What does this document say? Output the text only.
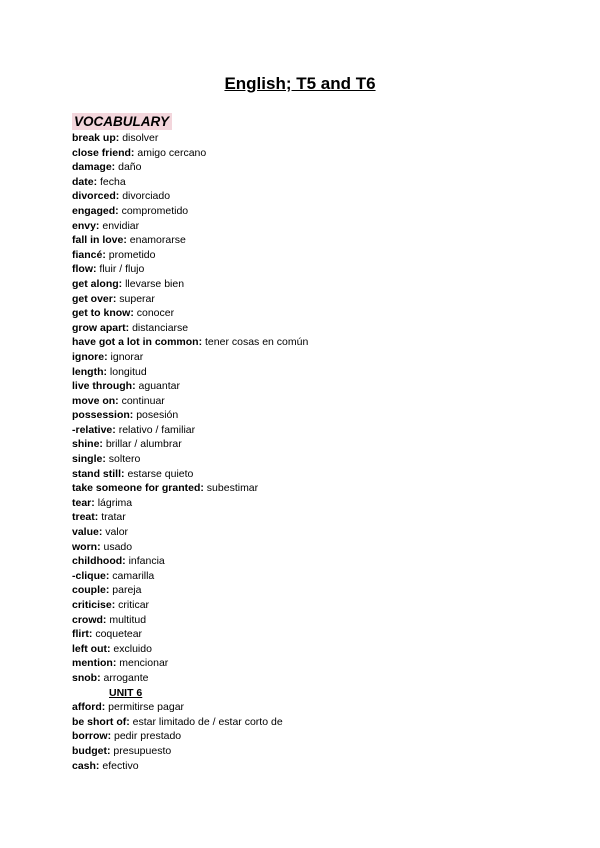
English; T5 and T6
VOCABULARY
break up: disolver
close friend: amigo cercano
damage: daño
date: fecha
divorced: divorciado
engaged: comprometido
envy: envidiar
fall in love: enamorarse
fiancé: prometido
flow: fluir / flujo
get along: llevarse bien
get over: superar
get to know: conocer
grow apart: distanciarse
have got a lot in common: tener cosas en común
ignore: ignorar
length: longitud
live through: aguantar
move on: continuar
possession: posesión
-relative: relativo / familiar
shine: brillar / alumbrar
single: soltero
stand still: estarse quieto
take someone for granted: subestimar
tear: lágrima
treat: tratar
value: valor
worn: usado
childhood: infancia
-clique: camarilla
couple: pareja
criticise: criticar
crowd: multitud
flirt: coquetear
left out: excluido
mention: mencionar
snob: arrogante
UNIT 6
afford: permitirse pagar
be short of: estar limitado de / estar corto de
borrow: pedir prestado
budget: presupuesto
cash: efectivo
